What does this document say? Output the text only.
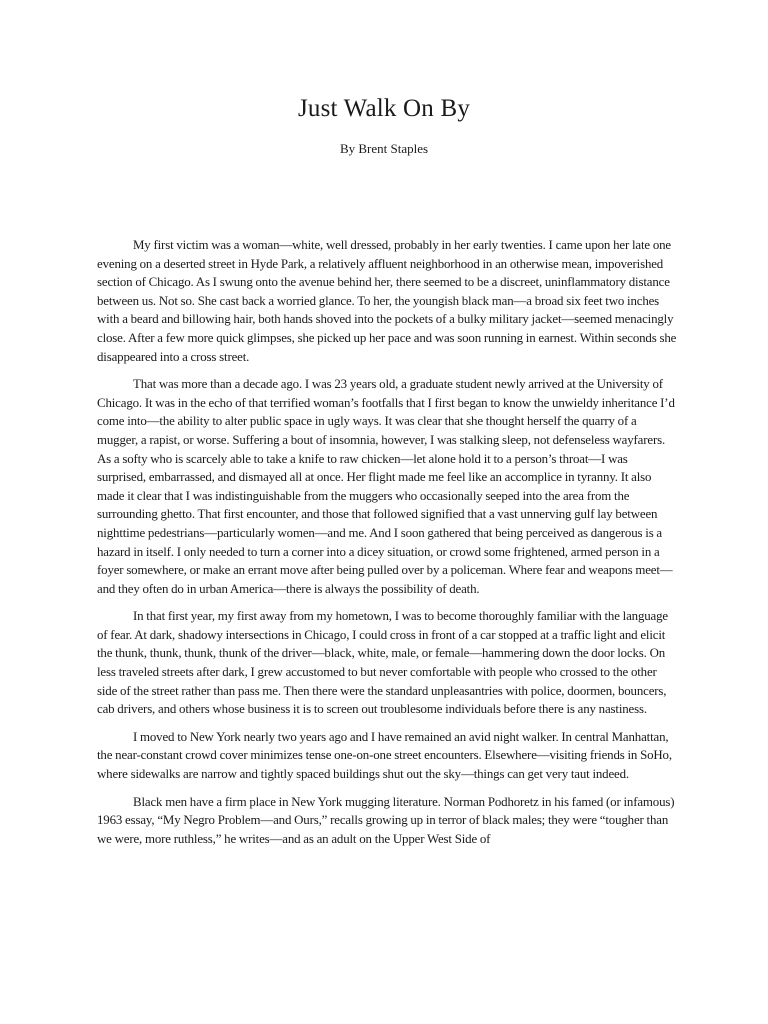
Just Walk On By

By Brent Staples

My first victim was a woman—white, well dressed, probably in her early twenties. I came upon her late one evening on a deserted street in Hyde Park, a relatively affluent neighborhood in an otherwise mean, impoverished section of Chicago. As I swung onto the avenue behind her, there seemed to be a discreet, uninflammatory distance between us. Not so. She cast back a worried glance. To her, the youngish black man—a broad six feet two inches with a beard and billowing hair, both hands shoved into the pockets of a bulky military jacket—seemed menacingly close. After a few more quick glimpses, she picked up her pace and was soon running in earnest. Within seconds she disappeared into a cross street.

That was more than a decade ago. I was 23 years old, a graduate student newly arrived at the University of Chicago. It was in the echo of that terrified woman’s footfalls that I first began to know the unwieldy inheritance I’d come into—the ability to alter public space in ugly ways. It was clear that she thought herself the quarry of a mugger, a rapist, or worse. Suffering a bout of insomnia, however, I was stalking sleep, not defenseless wayfarers. As a softy who is scarcely able to take a knife to raw chicken—let alone hold it to a person’s throat—I was surprised, embarrassed, and dismayed all at once. Her flight made me feel like an accomplice in tyranny. It also made it clear that I was indistinguishable from the muggers who occasionally seeped into the area from the surrounding ghetto. That first encounter, and those that followed signified that a vast unnerving gulf lay between nighttime pedestrians—particularly women—and me. And I soon gathered that being perceived as dangerous is a hazard in itself. I only needed to turn a corner into a dicey situation, or crowd some frightened, armed person in a foyer somewhere, or make an errant move after being pulled over by a policeman. Where fear and weapons meet—and they often do in urban America—there is always the possibility of death.

In that first year, my first away from my hometown, I was to become thoroughly familiar with the language of fear. At dark, shadowy intersections in Chicago, I could cross in front of a car stopped at a traffic light and elicit the thunk, thunk, thunk, thunk of the driver—black, white, male, or female—hammering down the door locks. On less traveled streets after dark, I grew accustomed to but never comfortable with people who crossed to the other side of the street rather than pass me. Then there were the standard unpleasantries with police, doormen, bouncers, cab drivers, and others whose business it is to screen out troublesome individuals before there is any nastiness.

I moved to New York nearly two years ago and I have remained an avid night walker. In central Manhattan, the near-constant crowd cover minimizes tense one-on-one street encounters. Elsewhere—visiting friends in SoHo, where sidewalks are narrow and tightly spaced buildings shut out the sky—things can get very taut indeed.

Black men have a firm place in New York mugging literature. Norman Podhoretz in his famed (or infamous) 1963 essay, “My Negro Problem—and Ours,” recalls growing up in terror of black males; they were “tougher than we were, more ruthless,” he writes—and as an adult on the Upper West Side of
